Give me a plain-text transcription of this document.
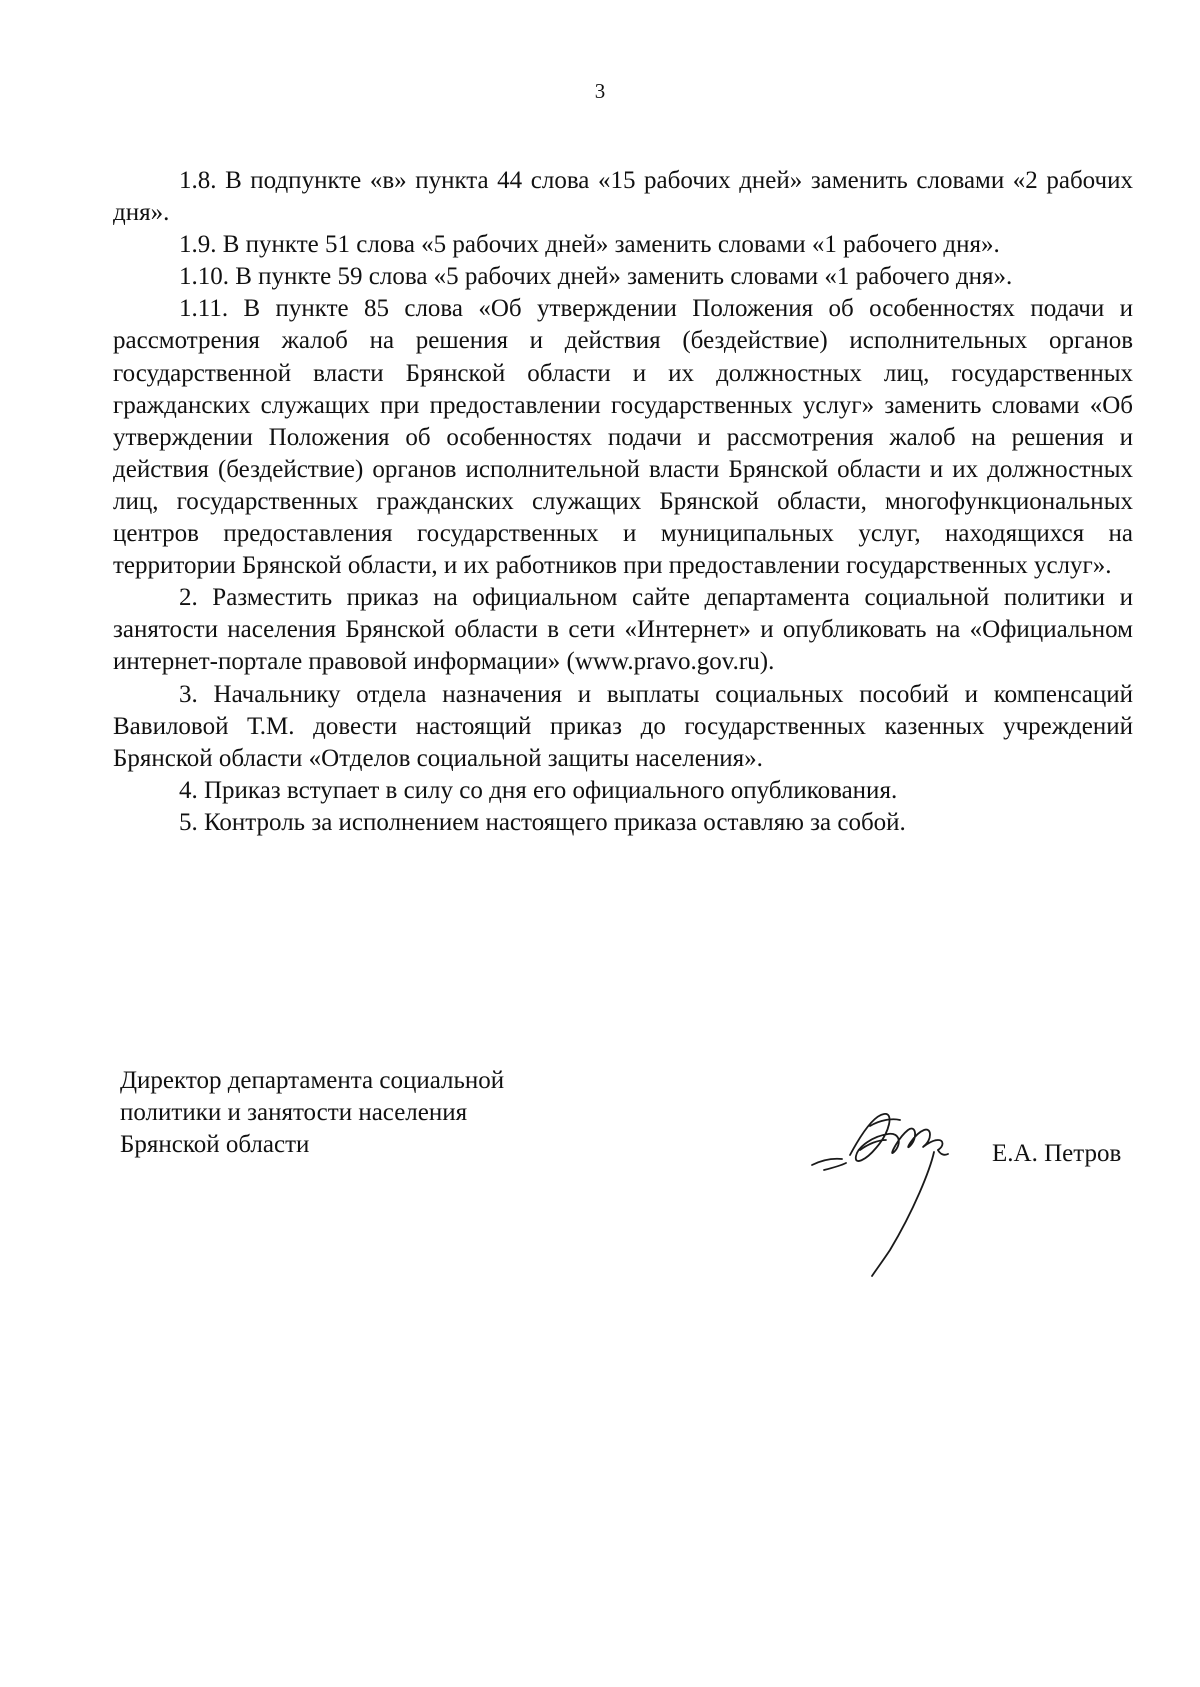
3

1.8. В подпункте «в» пункта 44 слова «15 рабочих дней» заменить словами «2 рабочих дня».

1.9. В пункте 51 слова «5 рабочих дней» заменить словами «1 рабочего дня».

1.10. В пункте 59 слова «5 рабочих дней» заменить словами «1 рабочего дня».

1.11. В пункте 85 слова «Об утверждении Положения об особенностях подачи и рассмотрения жалоб на решения и действия (бездействие) исполнительных органов государственной власти Брянской области и их должностных лиц, государственных гражданских служащих при предоставлении государственных услуг» заменить словами «Об утверждении Положения об особенностях подачи и рассмотрения жалоб на решения и действия (бездействие) органов исполнительной власти Брянской области и их должностных лиц, государственных гражданских служащих Брянской области, многофункциональных центров предоставления государственных и муниципальных услуг, находящихся на территории Брянской области, и их работников при предоставлении государственных услуг».

2. Разместить приказ на официальном сайте департамента социальной политики и занятости населения Брянской области в сети «Интернет» и опубликовать на «Официальном интернет-портале правовой информации» (www.pravo.gov.ru).

3. Начальнику отдела назначения и выплаты социальных пособий и компенсаций Вавиловой Т.М. довести настоящий приказ до государственных казенных учреждений Брянской области «Отделов социальной защиты населения».

4. Приказ вступает в силу со дня его официального опубликования.

5. Контроль за исполнением настоящего приказа оставляю за собой.

Директор департамента социальной
политики и занятости населения
Брянской области	Е.А. Петров
